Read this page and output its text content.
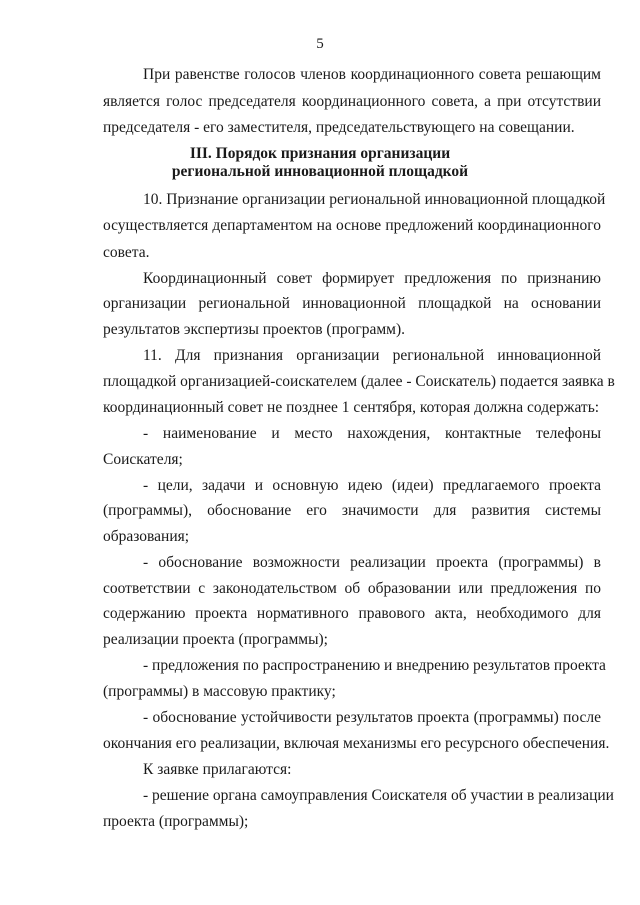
5
При равенстве голосов членов координационного совета решающим
является голос председателя координационного совета, а при отсутствии
председателя - его заместителя, председательствующего на совещании.
III. Порядок признания организации
региональной инновационной площадкой
10. Признание организации региональной инновационной площадкой
осуществляется департаментом на основе предложений координационного
совета.
Координационный совет формирует предложения по признанию
организации региональной инновационной площадкой на основании
результатов экспертизы проектов (программ).
11. Для признания организации региональной инновационной
площадкой организацией-соискателем (далее - Соискатель) подается заявка в
координационный совет не позднее 1 сентября, которая должна содержать:
- наименование и место нахождения, контактные телефоны
Соискателя;
- цели, задачи и основную идею (идеи) предлагаемого проекта
(программы), обоснование его значимости для развития системы
образования;
- обоснование возможности реализации проекта (программы) в
соответствии с законодательством об образовании или предложения по
содержанию проекта нормативного правового акта, необходимого для
реализации проекта (программы);
- предложения по распространению и внедрению результатов проекта
(программы) в массовую практику;
- обоснование устойчивости результатов проекта (программы) после
окончания его реализации, включая механизмы его ресурсного обеспечения.
К заявке прилагаются:
- решение органа самоуправления Соискателя об участии в реализации
проекта (программы);
